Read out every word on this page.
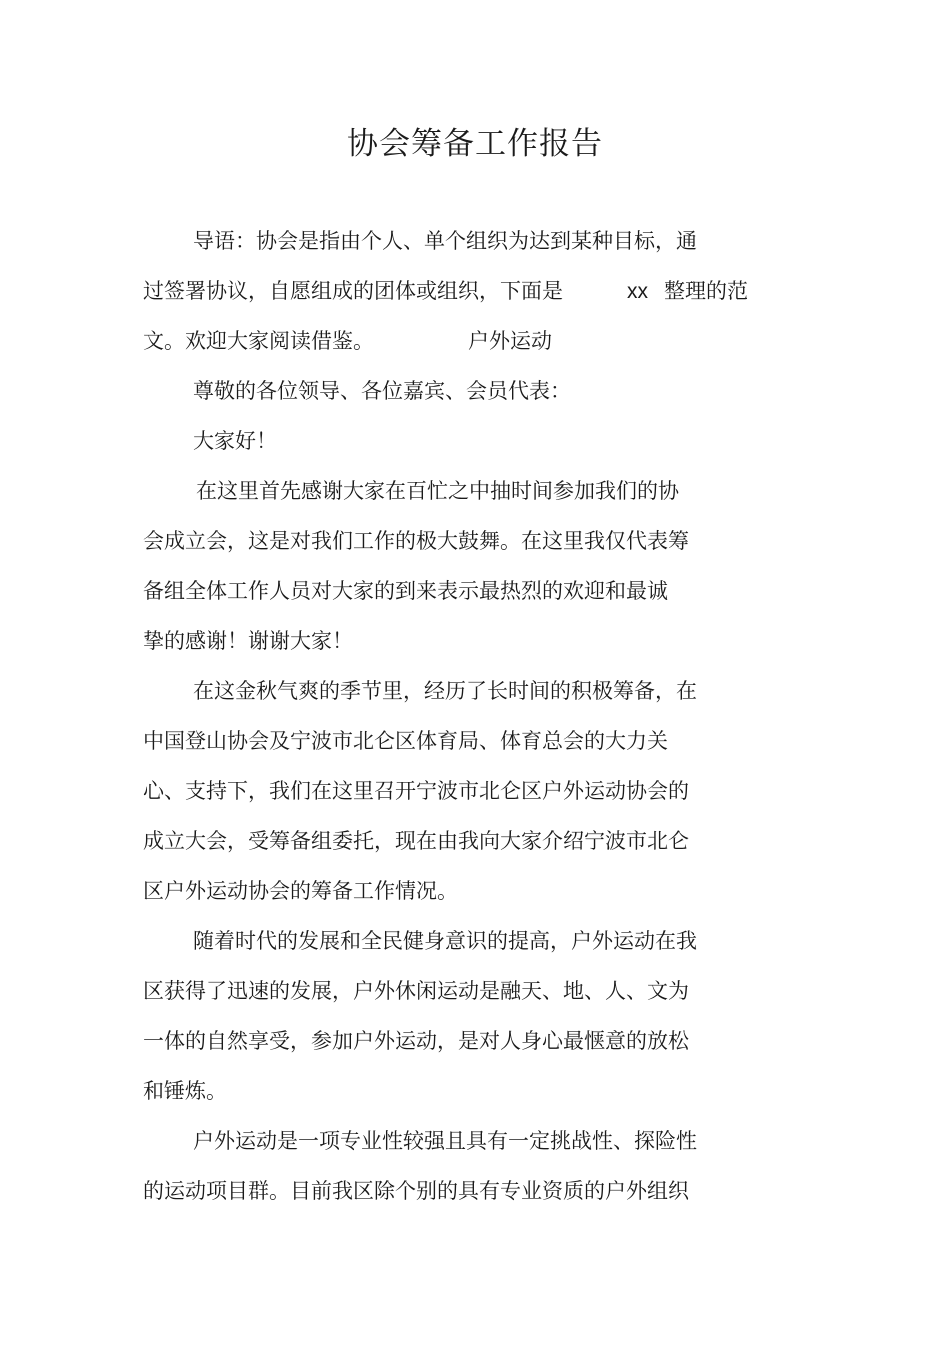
协会筹备工作报告

导语：协会是指由个人、单个组织为达到某种目标，通

过签署协议，自愿组成的团体或组织，下面是	xx 整理的范

文。欢迎大家阅读借鉴。	户外运动

尊敬的各位领导、各位嘉宾、会员代表：

大家好！

在这里首先感谢大家在百忙之中抽时间参加我们的协

会成立会，这是对我们工作的极大鼓舞。在这里我仅代表筹

备组全体工作人员对大家的到来表示最热烈的欢迎和最诚

挚的感谢！谢谢大家！

在这金秋气爽的季节里，经历了长时间的积极筹备，在

中国登山协会及宁波市北仑区体育局、体育总会的大力关

心、支持下，我们在这里召开宁波市北仑区户外运动协会的

成立大会，受筹备组委托，现在由我向大家介绍宁波市北仑

区户外运动协会的筹备工作情况。

随着时代的发展和全民健身意识的提高，户外运动在我

区获得了迅速的发展，户外休闲运动是融天、地、人、文为

一体的自然享受，参加户外运动，是对人身心最惬意的放松

和锤炼。

户外运动是一项专业性较强且具有一定挑战性、探险性

的运动项目群。目前我区除个别的具有专业资质的户外组织
